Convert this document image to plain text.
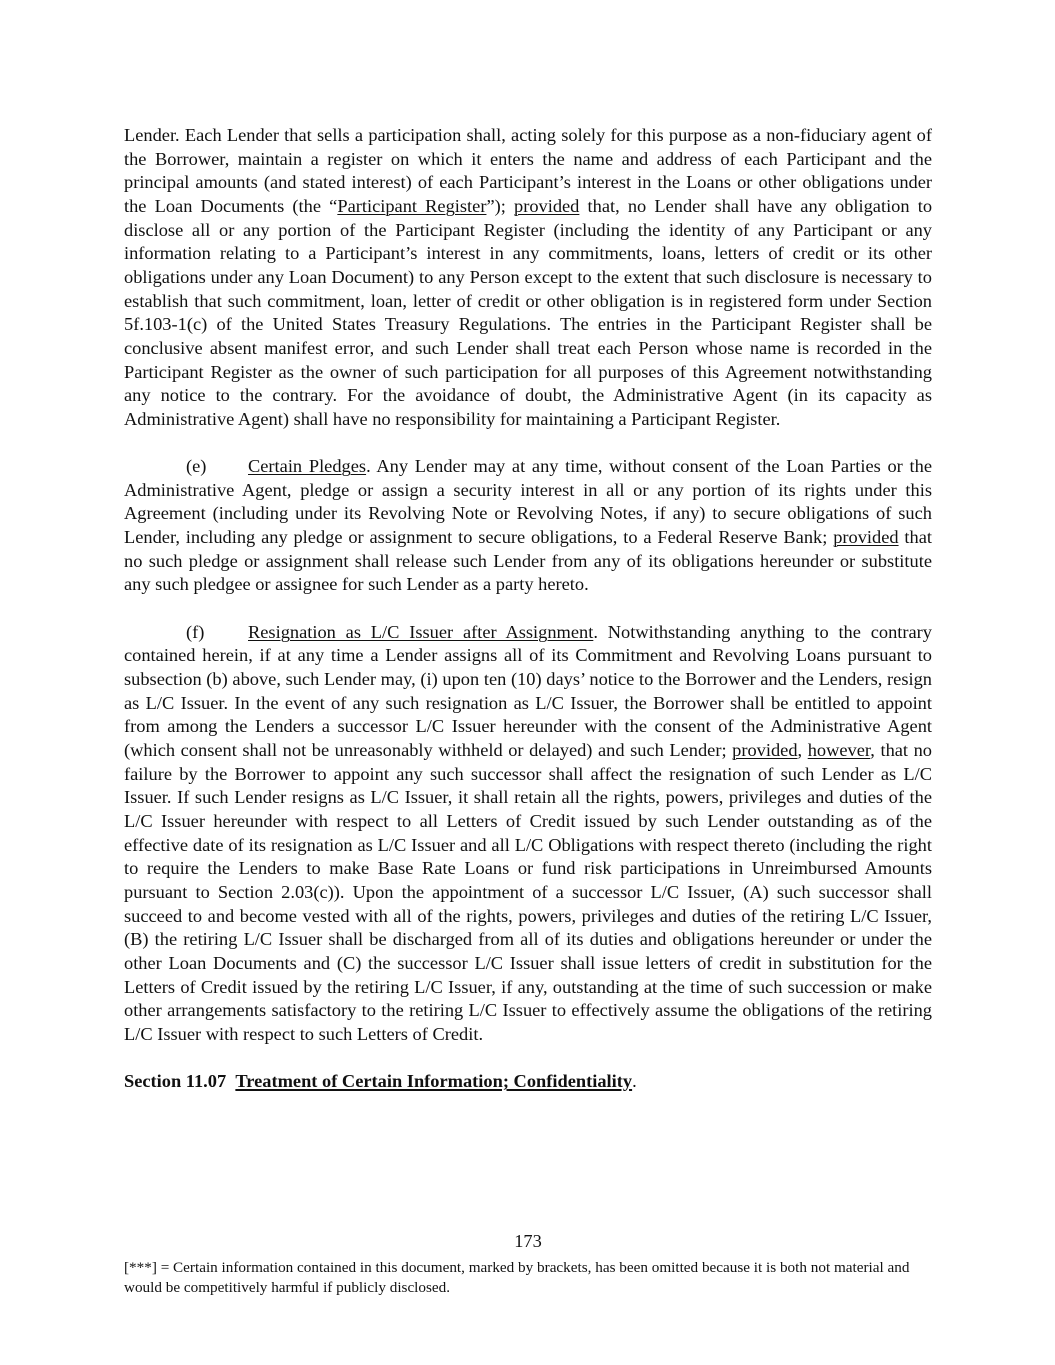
Lender. Each Lender that sells a participation shall, acting solely for this purpose as a non-fiduciary agent of the Borrower, maintain a register on which it enters the name and address of each Participant and the principal amounts (and stated interest) of each Participant’s interest in the Loans or other obligations under the Loan Documents (the “Participant Register”); provided that, no Lender shall have any obligation to disclose all or any portion of the Participant Register (including the identity of any Participant or any information relating to a Participant’s interest in any commitments, loans, letters of credit or its other obligations under any Loan Document) to any Person except to the extent that such disclosure is necessary to establish that such commitment, loan, letter of credit or other obligation is in registered form under Section 5f.103-1(c) of the United States Treasury Regulations. The entries in the Participant Register shall be conclusive absent manifest error, and such Lender shall treat each Person whose name is recorded in the Participant Register as the owner of such participation for all purposes of this Agreement notwithstanding any notice to the contrary. For the avoidance of doubt, the Administrative Agent (in its capacity as Administrative Agent) shall have no responsibility for maintaining a Participant Register.

(e) Certain Pledges. Any Lender may at any time, without consent of the Loan Parties or the Administrative Agent, pledge or assign a security interest in all or any portion of its rights under this Agreement (including under its Revolving Note or Revolving Notes, if any) to secure obligations of such Lender, including any pledge or assignment to secure obligations, to a Federal Reserve Bank; provided that no such pledge or assignment shall release such Lender from any of its obligations hereunder or substitute any such pledgee or assignee for such Lender as a party hereto.

(f) Resignation as L/C Issuer after Assignment. Notwithstanding anything to the contrary contained herein, if at any time a Lender assigns all of its Commitment and Revolving Loans pursuant to subsection (b) above, such Lender may, (i) upon ten (10) days’ notice to the Borrower and the Lenders, resign as L/C Issuer. In the event of any such resignation as L/C Issuer, the Borrower shall be entitled to appoint from among the Lenders a successor L/C Issuer hereunder with the consent of the Administrative Agent (which consent shall not be unreasonably withheld or delayed) and such Lender; provided, however, that no failure by the Borrower to appoint any such successor shall affect the resignation of such Lender as L/C Issuer. If such Lender resigns as L/C Issuer, it shall retain all the rights, powers, privileges and duties of the L/C Issuer hereunder with respect to all Letters of Credit issued by such Lender outstanding as of the effective date of its resignation as L/C Issuer and all L/C Obligations with respect thereto (including the right to require the Lenders to make Base Rate Loans or fund risk participations in Unreimbursed Amounts pursuant to Section 2.03(c)). Upon the appointment of a successor L/C Issuer, (A) such successor shall succeed to and become vested with all of the rights, powers, privileges and duties of the retiring L/C Issuer, (B) the retiring L/C Issuer shall be discharged from all of its duties and obligations hereunder or under the other Loan Documents and (C) the successor L/C Issuer shall issue letters of credit in substitution for the Letters of Credit issued by the retiring L/C Issuer, if any, outstanding at the time of such succession or make other arrangements satisfactory to the retiring L/C Issuer to effectively assume the obligations of the retiring L/C Issuer with respect to such Letters of Credit.

Section 11.07 Treatment of Certain Information; Confidentiality.

173
[***] = Certain information contained in this document, marked by brackets, has been omitted because it is both not material and would be competitively harmful if publicly disclosed.
